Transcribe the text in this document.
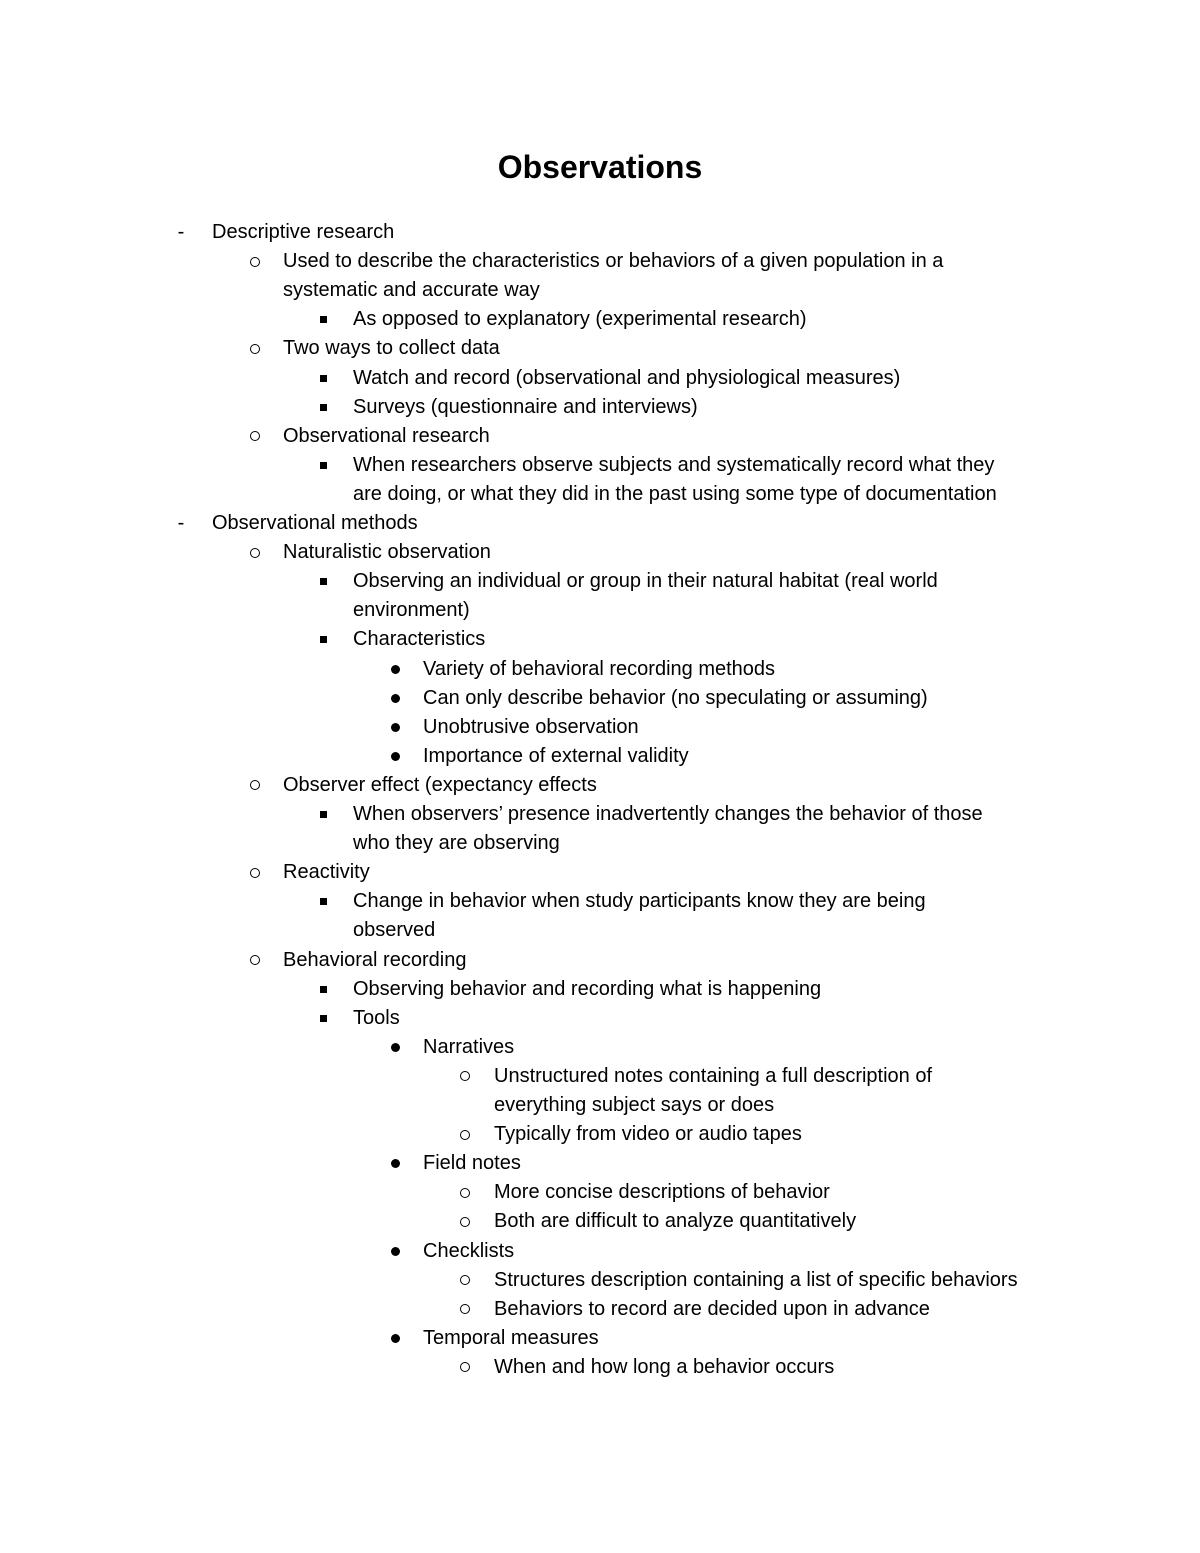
Observations
- Descriptive research
Used to describe the characteristics or behaviors of a given population in a
systematic and accurate way
As opposed to explanatory (experimental research)
Two ways to collect data
Watch and record (observational and physiological measures)
Surveys (questionnaire and interviews)
Observational research
When researchers observe subjects and systematically record what they
are doing, or what they did in the past using some type of documentation
- Observational methods
Naturalistic observation
Observing an individual or group in their natural habitat (real world
environment)
Characteristics
Variety of behavioral recording methods
Can only describe behavior (no speculating or assuming)
Unobtrusive observation
Importance of external validity
Observer effect (expectancy effects
When observers’ presence inadvertently changes the behavior of those
who they are observing
Reactivity
Change in behavior when study participants know they are being
observed
Behavioral recording
Observing behavior and recording what is happening
Tools
Narratives
Unstructured notes containing a full description of
everything subject says or does
Typically from video or audio tapes
Field notes
More concise descriptions of behavior
Both are difficult to analyze quantitatively
Checklists
Structures description containing a list of specific behaviors
Behaviors to record are decided upon in advance
Temporal measures
When and how long a behavior occurs
